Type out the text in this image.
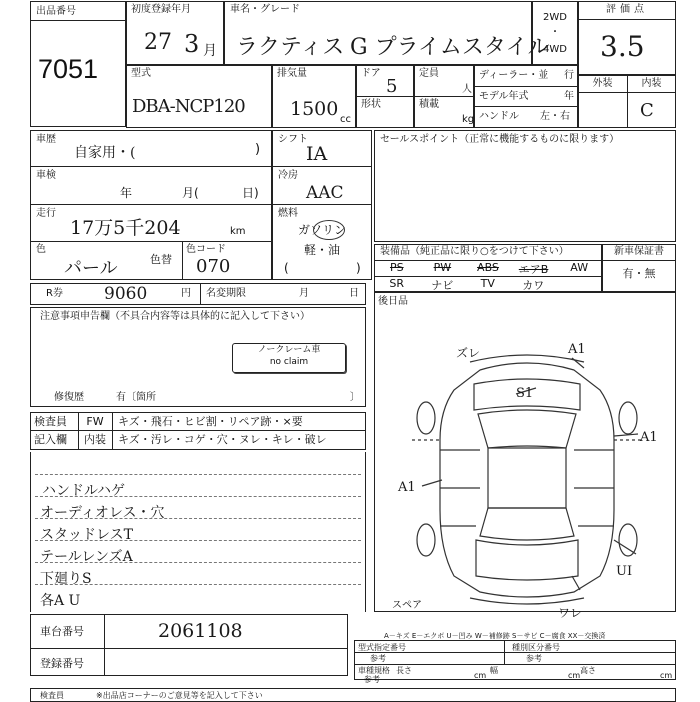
出品番号
7051
初度登録年月
27 3 月
車名・グレード
ラクティス G プライムスタイル
2WD
・
4WD
評価点
3.5
型式
DBA-NCP120
排気量
1500 cc
ドア
5
形状
定員
人
積載
kg
ディーラー・並 行
モデル年式	年
ハンドル 左・右
外装	内装
C
車歴
自家用・(	)
車検
年	月(	日)
走行
17万5千204	km
色
パール	色替
色コード
070
シフト
IA
冷房
AAC
燃料
ガソリン
軽・油
(	)
セールスポイント（正常に機能するものに限ります）
装備品（純正品に限り○をつけて下さい）
PS	PW	ABS	エアB	AW
SR	ナビ	TV	カワ
新車保証書
有・無
R券 9060	円 名変期限	月	日
後日品
注意事項申告欄（不具合内容等は具体的に記入して下さい）
ノークレーム車
no claim
修復歴	有〔箇所	〕
検査員
記入欄
FW
内装
キズ・飛石・ヒビ割・リペア跡・×要
キズ・汚レ・コゲ・穴・ヌレ・キレ・破レ
ハンドルハゲ
オーディオレス・穴
スタッドレスT
テールレンズA
下廻りS
各A U
ズレ	A1
S1
A1
A1
UI
スペア
ワレ
車台番号	2061108
登録番号
A－キズ E－エクボ U－凹み W－補修跡 S－サビ C－腐食 XX－交換済
型式指定番号
参考
種別区分番号
参考
車種規格
参考
長さ
cm
幅
cm
高さ
cm
検査員	※出品店コーナーのご意見等を記入して下さい
